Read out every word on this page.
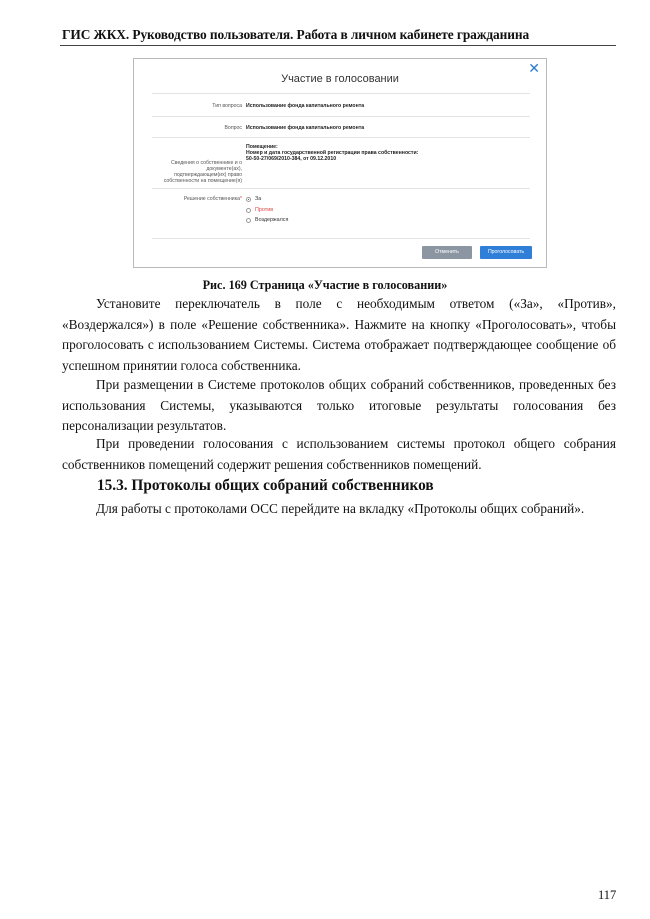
ГИС ЖКХ. Руководство пользователя. Работа в личном кабинете гражданина
Участие в голосовании
✕
Тип вопроса Использование фонда капитального ремонта
Вопрос Использование фонда капитального ремонта
Сведения о собственнике и о
документе(ах),
подтверждающем(их) право
собственности на помещение(я)
Помещение:
Номер и дата государственной регистрации права собственности:
50-50-27/069/2010-384, от 09.12.2010
Решение собственника* За
Против
Воздержался
Отменить	Проголосовать
Рис. 169 Страница «Участие в голосовании»
Установите переключатель в поле с необходимым ответом («За», «Против», «Воздержался») в поле «Решение собственника». Нажмите на кнопку «Проголосовать», чтобы проголосовать с использованием Системы. Система отображает подтверждающее сообщение об успешном принятии голоса собственника.
При размещении в Системе протоколов общих собраний собственников, проведенных без использования Системы, указываются только итоговые результаты голосования без персонализации результатов.
При проведении голосования с использованием системы протокол общего собрания собственников помещений содержит решения собственников помещений.
15.3. Протоколы общих собраний собственников
Для работы с протоколами ОСС перейдите на вкладку «Протоколы общих собраний».
117
